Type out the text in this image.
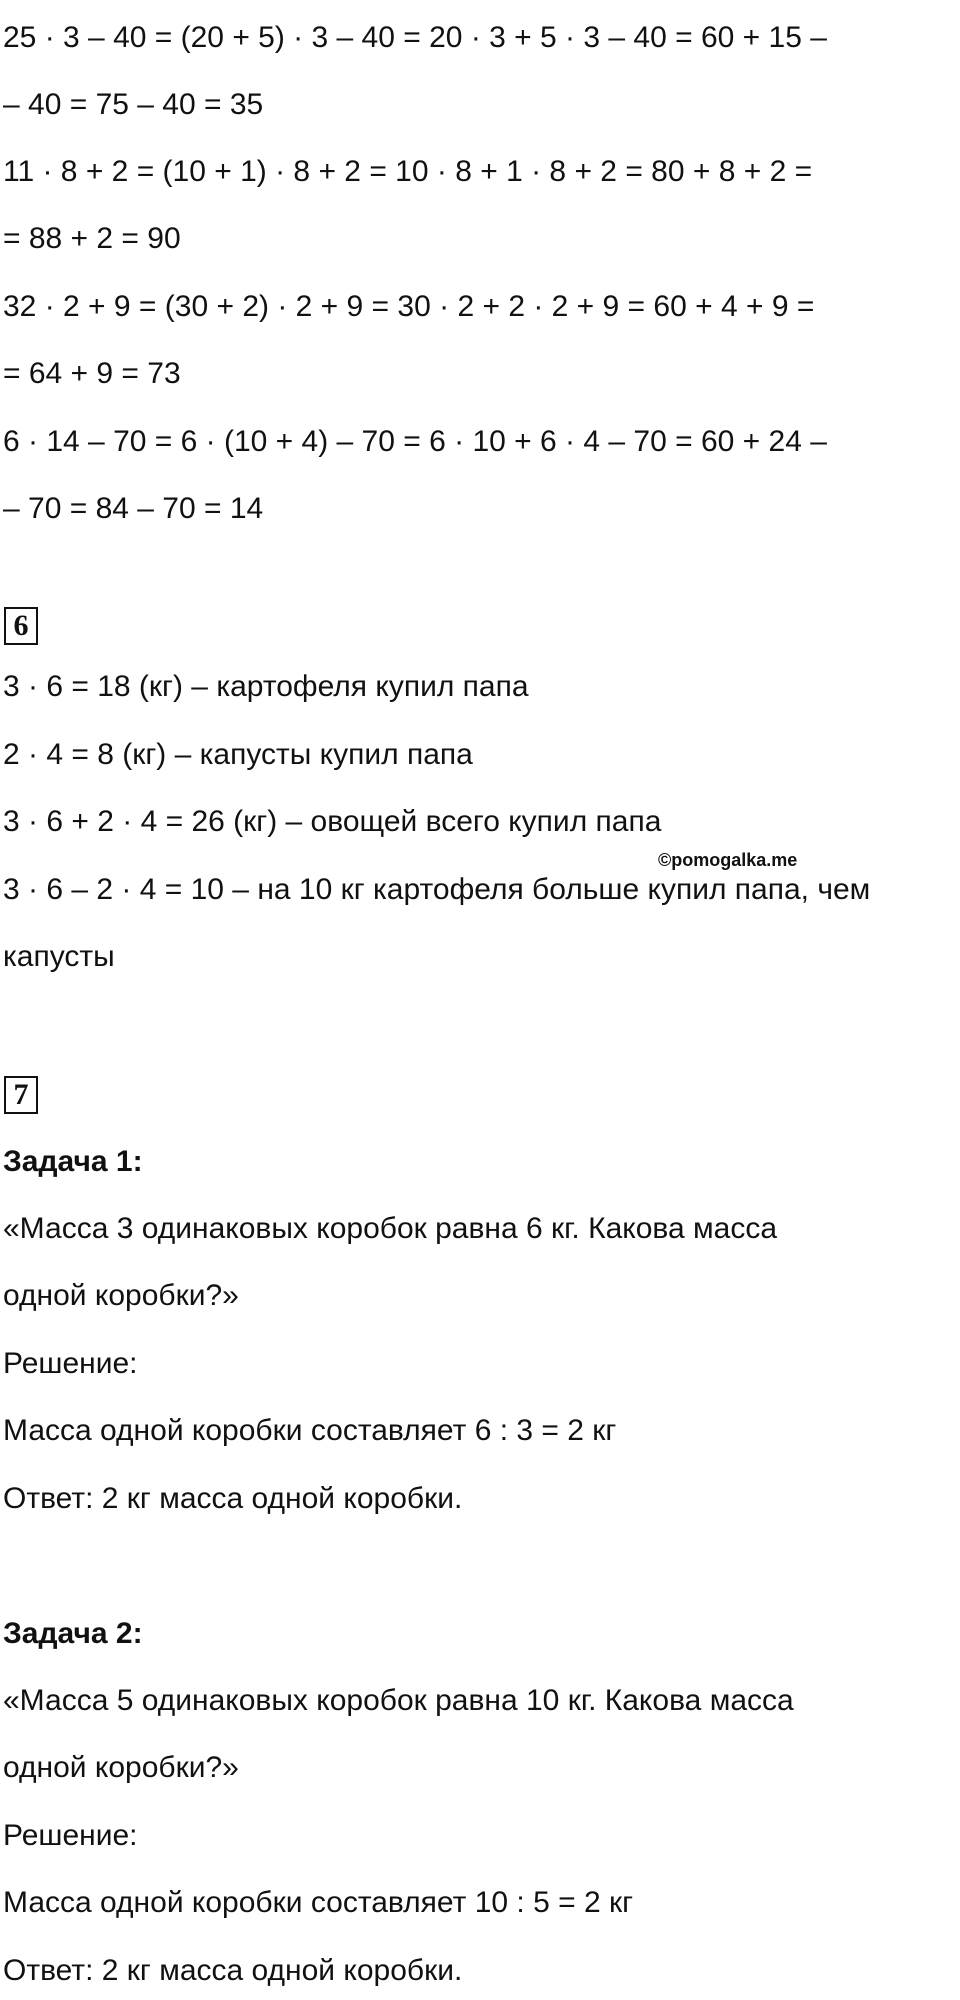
25 · 3 – 40 = (20 + 5) · 3 – 40 = 20 · 3 + 5 · 3 – 40 = 60 + 15 –
– 40 = 75 – 40 = 35
11 · 8 + 2 = (10 + 1) · 8 + 2 = 10 · 8 + 1 · 8 + 2 = 80 + 8 + 2 =
= 88 + 2 = 90
32 · 2 + 9 = (30 + 2) · 2 + 9 = 30 · 2 + 2 · 2 + 9 = 60 + 4 + 9 =
= 64 + 9 = 73
6 · 14 – 70 = 6 · (10 + 4) – 70 = 6 · 10 + 6 · 4 – 70 = 60 + 24 –
– 70 = 84 – 70 = 14
6
3 · 6 = 18 (кг) – картофеля купил папа
2 · 4 = 8 (кг) – капусты купил папа
3 · 6 + 2 · 4 = 26 (кг) – овощей всего купил папа
©pomogalka.me
3 · 6 – 2 · 4 = 10 – на 10 кг картофеля больше купил папа, чем
капусты
7
Задача 1:
«Масса 3 одинаковых коробок равна 6 кг. Какова масса
одной коробки?»
Решение:
Масса одной коробки составляет 6 : 3 = 2 кг
Ответ: 2 кг масса одной коробки.
Задача 2:
«Масса 5 одинаковых коробок равна 10 кг. Какова масса
одной коробки?»
Решение:
Масса одной коробки составляет 10 : 5 = 2 кг
Ответ: 2 кг масса одной коробки.
